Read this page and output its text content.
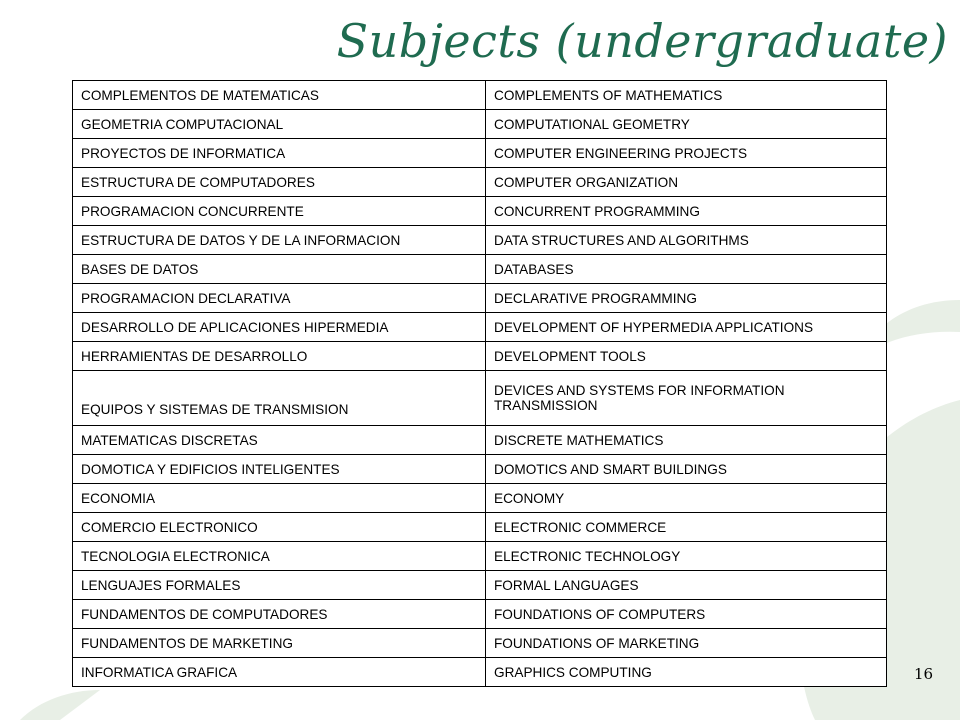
Subjects (undergraduate)
COMPLEMENTOS DE MATEMATICAS	COMPLEMENTS OF MATHEMATICS
GEOMETRIA COMPUTACIONAL	COMPUTATIONAL GEOMETRY
PROYECTOS DE INFORMATICA	COMPUTER ENGINEERING PROJECTS
ESTRUCTURA DE COMPUTADORES	COMPUTER ORGANIZATION
PROGRAMACION CONCURRENTE	CONCURRENT PROGRAMMING
ESTRUCTURA DE DATOS Y DE LA INFORMACION	DATA STRUCTURES AND ALGORITHMS
BASES DE DATOS	DATABASES
PROGRAMACION DECLARATIVA	DECLARATIVE PROGRAMMING
DESARROLLO DE APLICACIONES HIPERMEDIA	DEVELOPMENT OF HYPERMEDIA APPLICATIONS
HERRAMIENTAS DE DESARROLLO	DEVELOPMENT TOOLS
EQUIPOS Y SISTEMAS DE TRANSMISION	DEVICES AND SYSTEMS FOR INFORMATION TRANSMISSION
MATEMATICAS DISCRETAS	DISCRETE MATHEMATICS
DOMOTICA Y EDIFICIOS INTELIGENTES	DOMOTICS AND SMART BUILDINGS
ECONOMIA	ECONOMY
COMERCIO ELECTRONICO	ELECTRONIC COMMERCE
TECNOLOGIA ELECTRONICA	ELECTRONIC TECHNOLOGY
LENGUAJES FORMALES	FORMAL LANGUAGES
FUNDAMENTOS DE COMPUTADORES	FOUNDATIONS OF COMPUTERS
FUNDAMENTOS DE MARKETING	FOUNDATIONS OF MARKETING
INFORMATICA GRAFICA	GRAPHICS COMPUTING	16
